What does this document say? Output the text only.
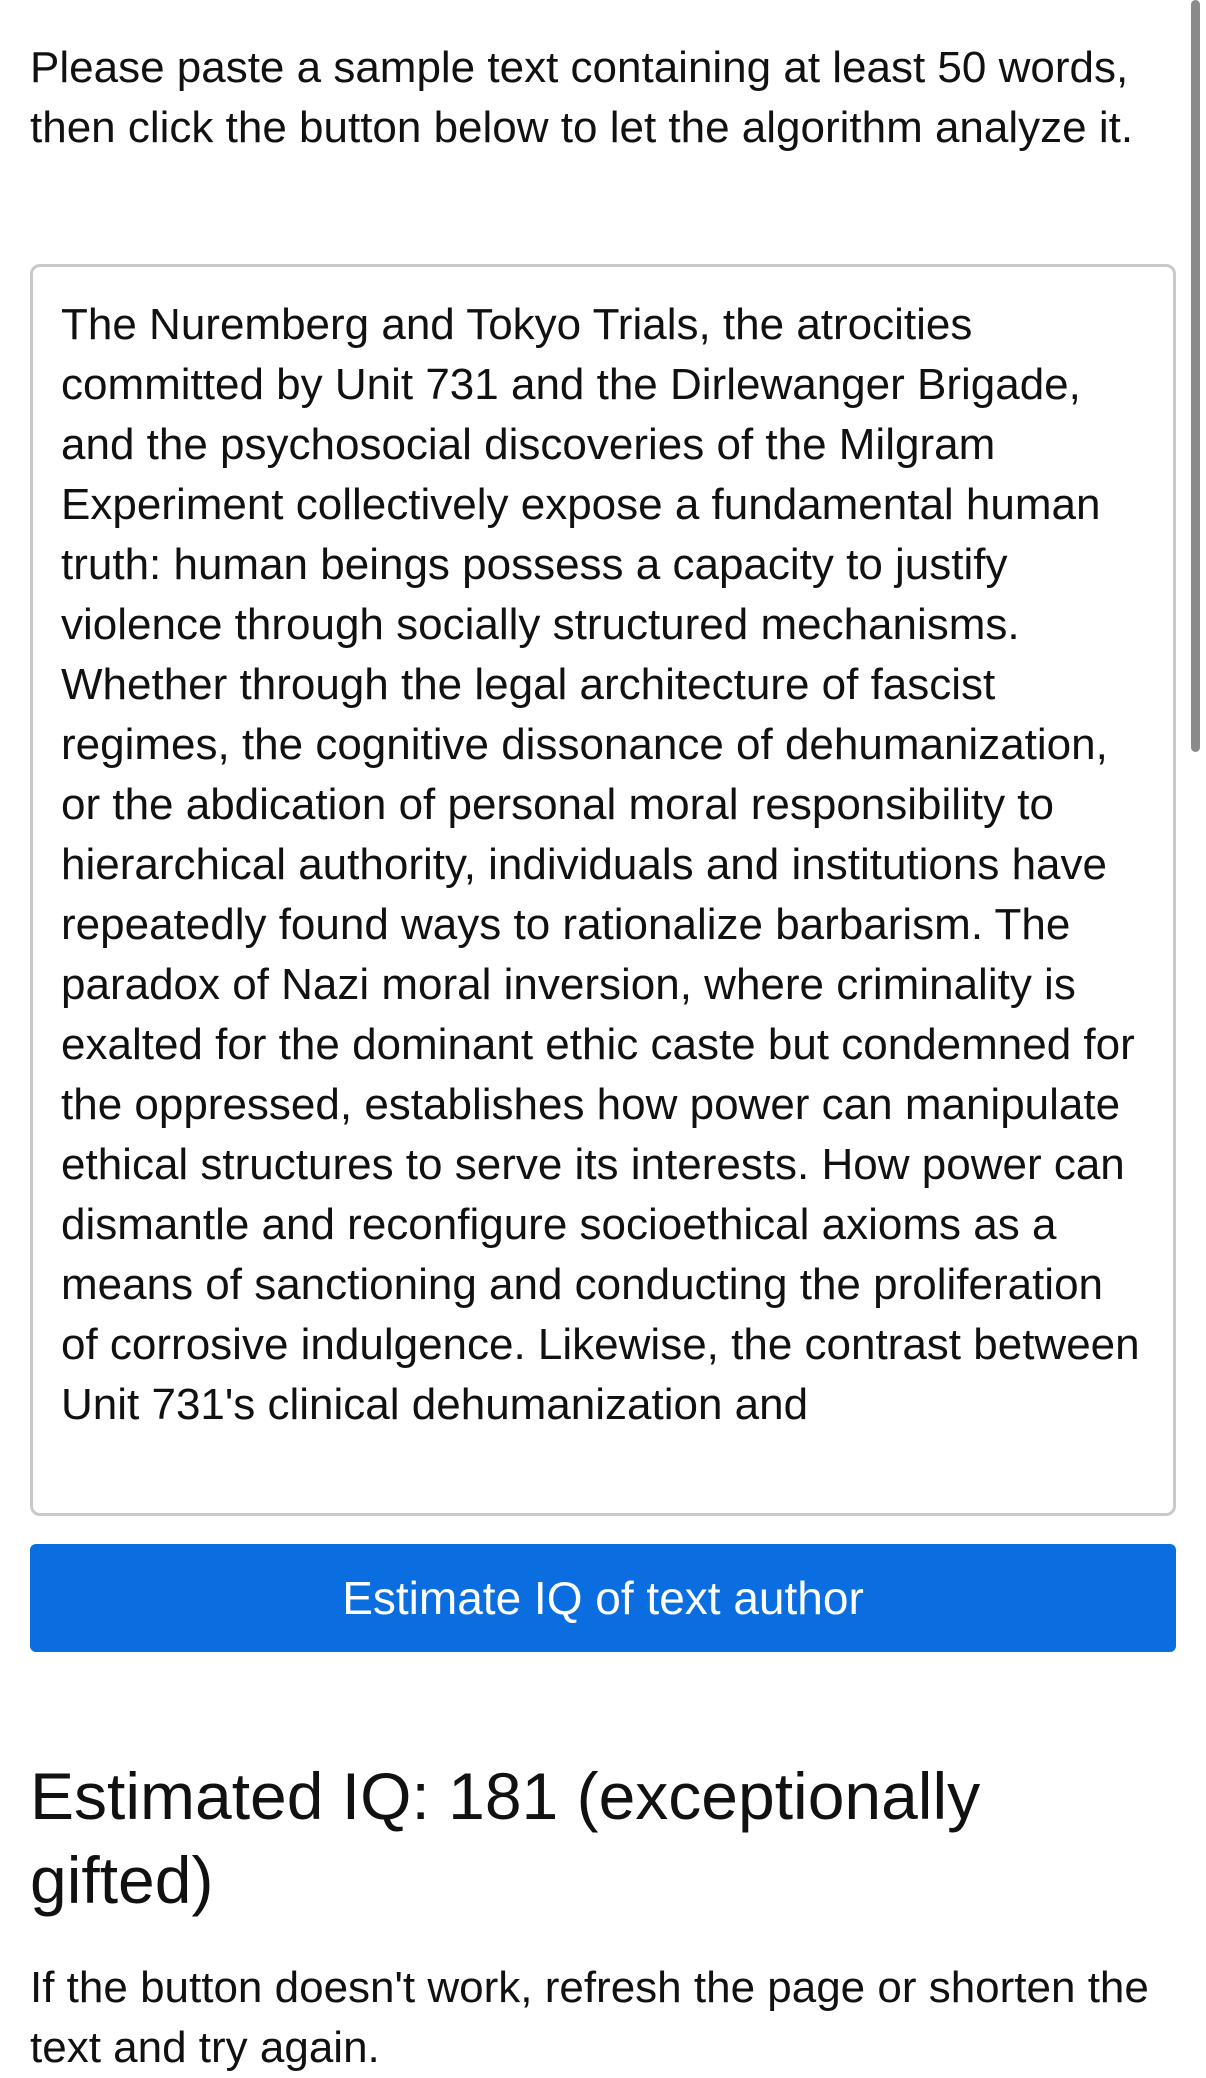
Please paste a sample text containing at least 50 words, then click the button below to let the algorithm analyze it.

The Nuremberg and Tokyo Trials, the atrocities committed by Unit 731 and the Dirlewanger Brigade, and the psychosocial discoveries of the Milgram Experiment collectively expose a fundamental human truth: human beings possess a capacity to justify violence through socially structured mechanisms. Whether through the legal architecture of fascist regimes, the cognitive dissonance of dehumanization, or the abdication of personal moral responsibility to hierarchical authority, individuals and institutions have repeatedly found ways to rationalize barbarism. The paradox of Nazi moral inversion, where criminality is exalted for the dominant ethic caste but condemned for the oppressed, establishes how power can manipulate ethical structures to serve its interests. How power can dismantle and reconfigure socioethical axioms as a means of sanctioning and conducting the proliferation of corrosive indulgence. Likewise, the contrast between Unit 731's clinical dehumanization and
Estimate IQ of text author
Estimated IQ: 181 (exceptionally gifted)

If the button doesn't work, refresh the page or shorten the text and try again.
